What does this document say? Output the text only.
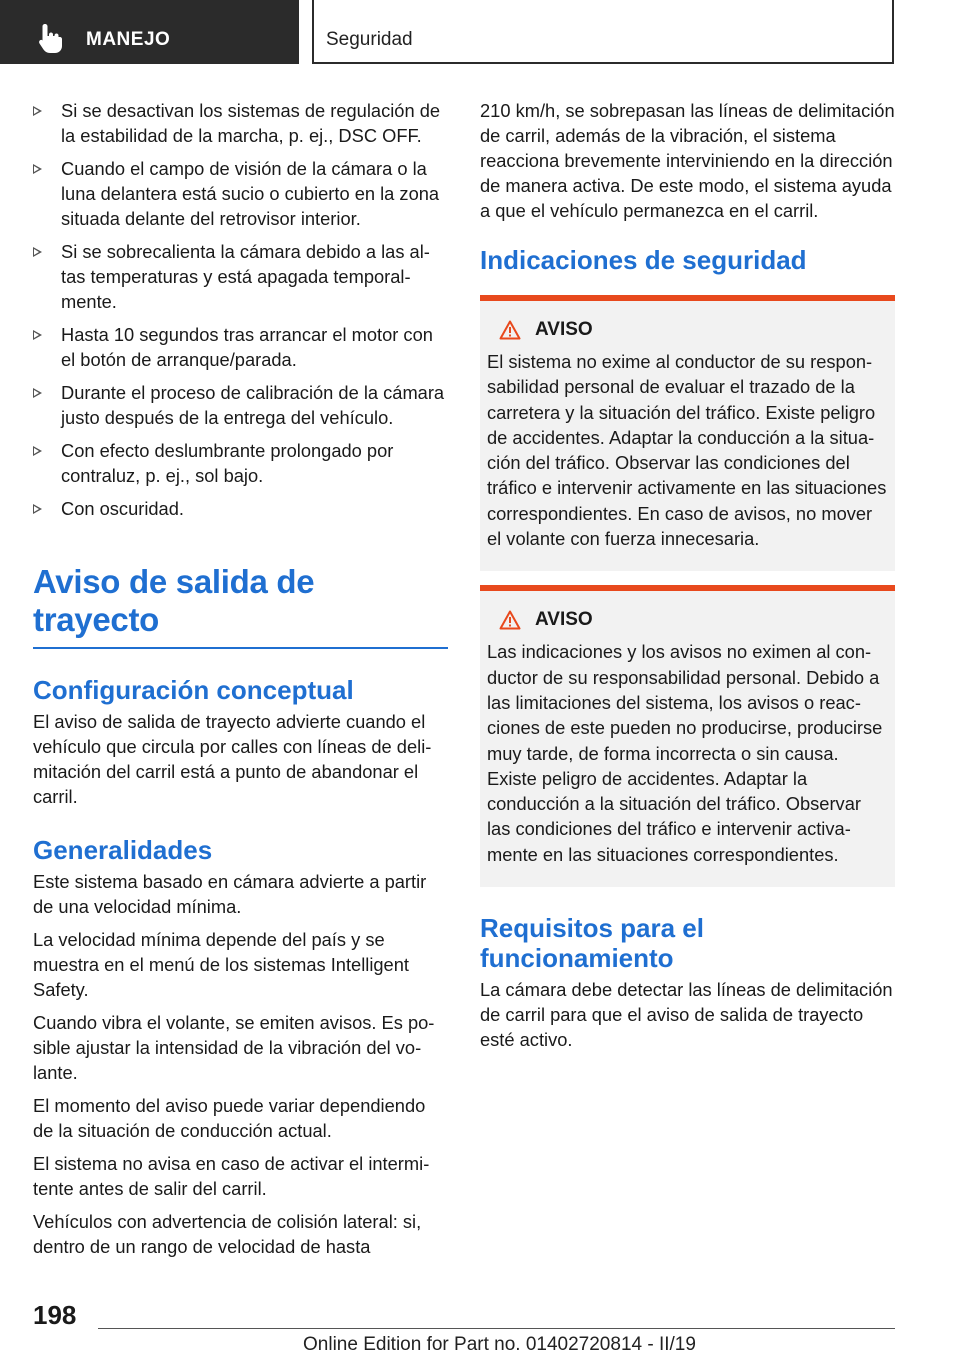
MANEJO	Seguridad
Si se desactivan los sistemas de regulación de la estabilidad de la marcha, p. ej., DSC OFF.
Cuando el campo de visión de la cámara o la luna delantera está sucio o cubierto en la zona situada delante del retrovisor interior.
Si se sobrecalienta la cámara debido a las altas temperaturas y está apagada temporalmente.
Hasta 10 segundos tras arrancar el motor con el botón de arranque/parada.
Durante el proceso de calibración de la cámara justo después de la entrega del vehículo.
Con efecto deslumbrante prolongado por contraluz, p. ej., sol bajo.
Con oscuridad.
Aviso de salida de trayecto
Configuración conceptual

El aviso de salida de trayecto advierte cuando el vehículo que circula por calles con líneas de delimitación del carril está a punto de abandonar el carril.

Generalidades

Este sistema basado en cámara advierte a partir de una velocidad mínima.

La velocidad mínima depende del país y se muestra en el menú de los sistemas Intelligent Safety.

Cuando vibra el volante, se emiten avisos. Es posible ajustar la intensidad de la vibración del volante.

El momento del aviso puede variar dependiendo de la situación de conducción actual.

El sistema no avisa en caso de activar el intermitente antes de salir del carril.

Vehículos con advertencia de colisión lateral: si, dentro de un rango de velocidad de hasta

210 km/h, se sobrepasan las líneas de delimitación de carril, además de la vibración, el sistema reacciona brevemente interviniendo en la dirección de manera activa. De este modo, el sistema ayuda a que el vehículo permanezca en el carril.

Indicaciones de seguridad
AVISO

El sistema no exime al conductor de su responsabilidad personal de evaluar el trazado de la carretera y la situación del tráfico. Existe peligro de accidentes. Adaptar la conducción a la situación del tráfico. Observar las condiciones del tráfico e intervenir activamente en las situaciones correspondientes. En caso de avisos, no mover el volante con fuerza innecesaria.

AVISO

Las indicaciones y los avisos no eximen al conductor de su responsabilidad personal. Debido a las limitaciones del sistema, los avisos o reacciones de este pueden no producirse, producirse muy tarde, de forma incorrecta o sin causa. Existe peligro de accidentes. Adaptar la conducción a la situación del tráfico. Observar las condiciones del tráfico e intervenir activamente en las situaciones correspondientes.

Requisitos para el funcionamiento

La cámara debe detectar las líneas de delimitación de carril para que el aviso de salida de trayecto esté activo.

198
Online Edition for Part no. 01402720814 - II/19
